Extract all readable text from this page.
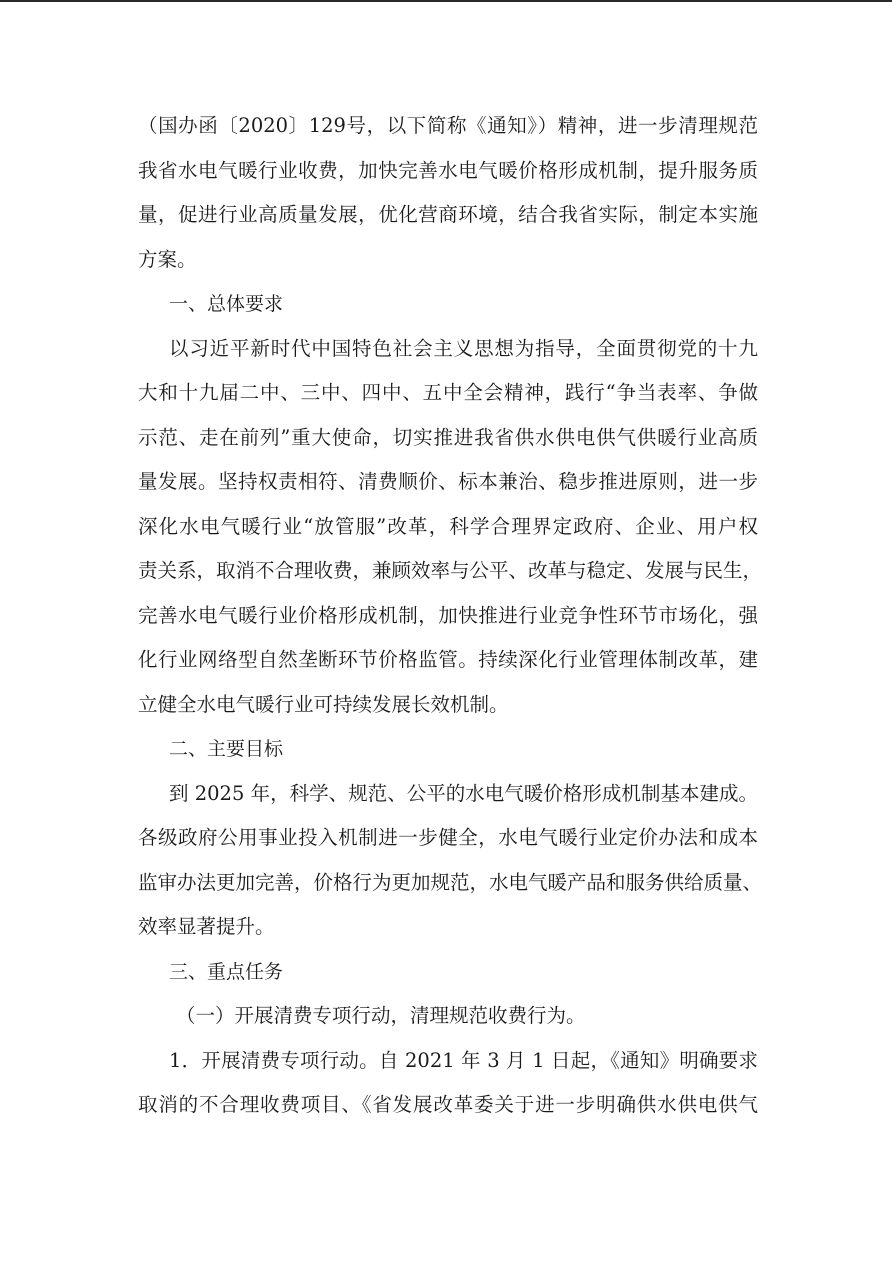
（国办函〔2020〕129号，以下简称《通知》）精神，进一步清理规范
我省水电气暖行业收费，加快完善水电气暖价格形成机制，提升服务质
量，促进行业高质量发展，优化营商环境，结合我省实际，制定本实施
方案。
一、总体要求
以习近平新时代中国特色社会主义思想为指导，全面贯彻党的十九
大和十九届二中、三中、四中、五中全会精神，践行“争当表率、争做
示范、走在前列”重大使命，切实推进我省供水供电供气供暖行业高质
量发展。坚持权责相符、清费顺价、标本兼治、稳步推进原则，进一步
深化水电气暖行业“放管服”改革，科学合理界定政府、企业、用户权
责关系，取消不合理收费，兼顾效率与公平、改革与稳定、发展与民生，
完善水电气暖行业价格形成机制，加快推进行业竞争性环节市场化，强
化行业网络型自然垄断环节价格监管。持续深化行业管理体制改革，建
立健全水电气暖行业可持续发展长效机制。
二、主要目标
到 2025 年，科学、规范、公平的水电气暖价格形成机制基本建成。
各级政府公用事业投入机制进一步健全，水电气暖行业定价办法和成本
监审办法更加完善，价格行为更加规范，水电气暖产品和服务供给质量、
效率显著提升。
三、重点任务
（一）开展清费专项行动，清理规范收费行为。
1．开展清费专项行动。自 2021 年 3 月 1 日起，《通知》明确要求
取消的不合理收费项目、《省发展改革委关于进一步明确供水供电供气
